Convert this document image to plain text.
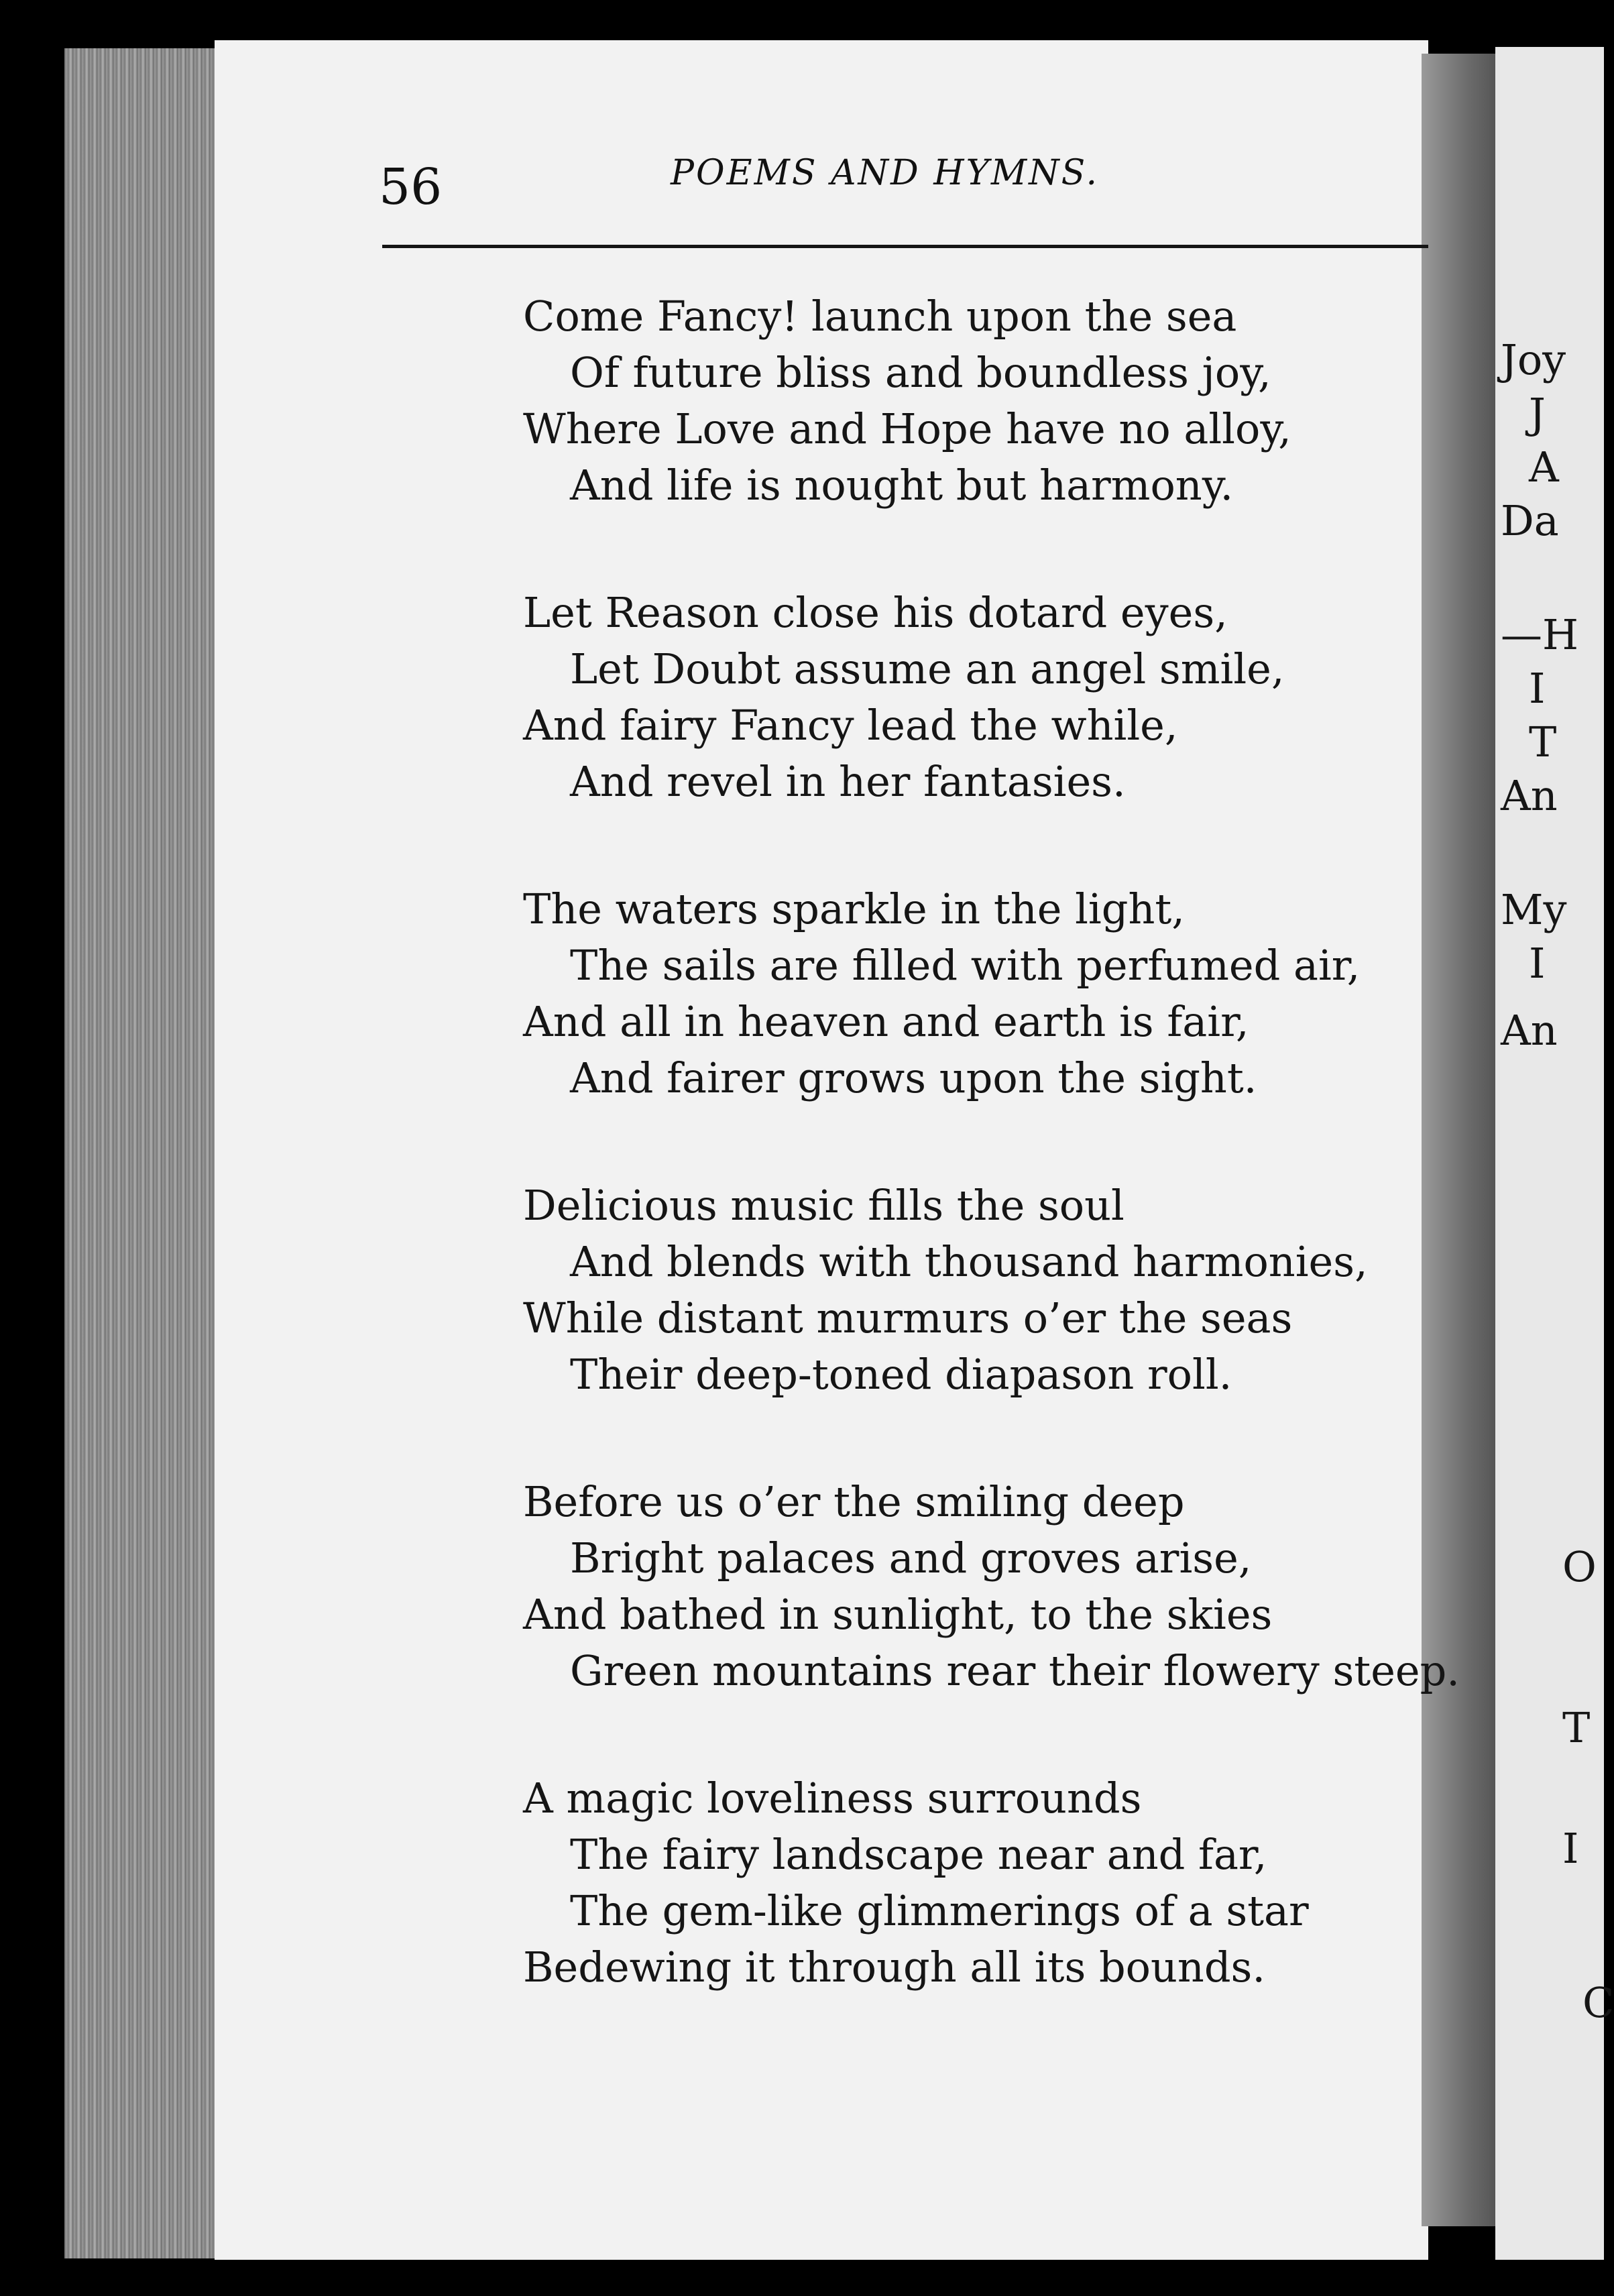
Joy
J
A
Da
—H
I
T
An
My
I
An
O
T
I
C
56	POEMS AND HYMNS.
Come Fancy! launch upon the sea
Of future bliss and boundless joy,
Where Love and Hope have no alloy,
And life is nought but harmony.
Let Reason close his dotard eyes,
Let Doubt assume an angel smile,
And fairy Fancy lead the while,
And revel in her fantasies.
The waters sparkle in the light,
The sails are filled with perfumed air,
And all in heaven and earth is fair,
And fairer grows upon the sight.
Delicious music fills the soul
And blends with thousand harmonies,
While distant murmurs o’er the seas
Their deep-toned diapason roll.
Before us o’er the smiling deep
Bright palaces and groves arise,
And bathed in sunlight, to the skies
Green mountains rear their flowery steep.
A magic loveliness surrounds
The fairy landscape near and far,
The gem-like glimmerings of a star
Bedewing it through all its bounds.
